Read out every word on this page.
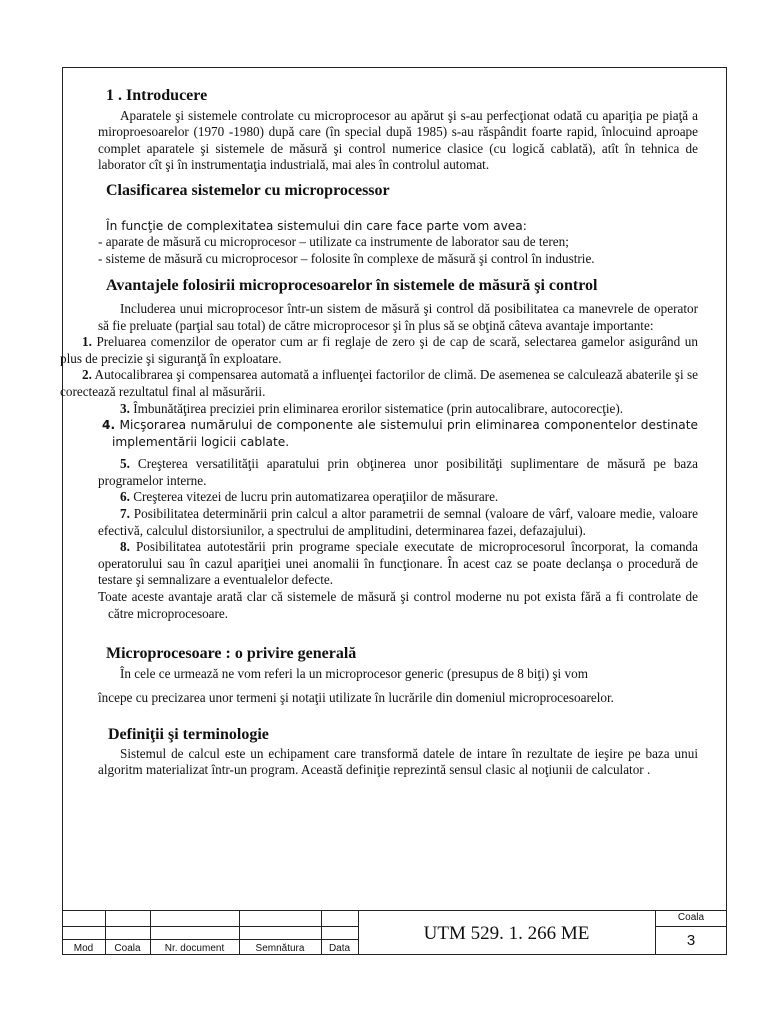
1 . Introducere

Aparatele şi sistemele controlate cu microprocesor au apărut şi s-au perfecţionat odată cu apariţia pe piaţă a miroproesoarelor (1970 -1980) după care (în special după 1985) s-au răspândit foarte rapid, înlocuind aproape complet aparatele şi sistemele de măsură şi control numerice clasice (cu logică cablată), atît în tehnica de laborator cît şi în instrumentaţia industrială, mai ales în controlul automat.

Clasificarea sistemelor cu microprocessor

În funcţie de complexitatea sistemului din care face parte vom avea:

- aparate de măsură cu microprocesor – utilizate ca instrumente de laborator sau de teren;

- sisteme de măsură cu microprocesor – folosite în complexe de măsură şi control în industrie.

Avantajele folosirii microprocesoarelor în sistemele de măsură şi control

Includerea unui microprocesor într-un sistem de măsură şi control dă posibilitatea ca manevrele de operator să fie preluate (parţial sau total) de către microprocesor şi în plus să se obţină câteva avantaje importante:

1. Preluarea comenzilor de operator cum ar fi reglaje de zero şi de cap de scară, selectarea gamelor asigurând un plus de precizie şi siguranţă în exploatare.

2. Autocalibrarea şi compensarea automată a influenţei factorilor de climă. De asemenea se calculează abaterile şi se corectează rezultatul final al măsurării.

3. Îmbunătăţirea preciziei prin eliminarea erorilor sistematice (prin autocalibrare, autocorecţie).

4. Micşorarea numărului de componente ale sistemului prin eliminarea componentelor destinate implementării logicii cablate.

5. Creşterea versatilităţii aparatului prin obţinerea unor posibilităţi suplimentare de măsură pe baza programelor interne.

6. Creşterea vitezei de lucru prin automatizarea operaţiilor de măsurare.

7. Posibilitatea determinării prin calcul a altor parametrii de semnal (valoare de vârf, valoare medie, valoare efectivă, calculul distorsiunilor, a spectrului de amplitudini, determinarea fazei, defazajului).

8. Posibilitatea autotestării prin programe speciale executate de microprocesorul încorporat, la comanda operatorului sau în cazul apariţiei unei anomalii în funcţionare. În acest caz se poate declanşa o procedură de testare şi semnalizare a eventualelor defecte.

Toate aceste avantaje arată clar că sistemele de măsură şi control moderne nu pot exista fără a fi controlate de către microprocesoare.

Microprocesoare : o privire generală

În cele ce urmează ne vom referi la un microprocesor generic (presupus de 8 biţi) şi vom

începe cu precizarea unor termeni şi notaţii utilizate în lucrările din domeniul microprocesoarelor.

Definiţii şi terminologie

Sistemul de calcul este un echipament care transformă datele de intare în rezultate de ieşire pe baza unui algoritm materializat într-un program. Această definiţie reprezintă sensul clasic al noţiunii de calculator .

Mod	Coala	Nr. document	Semnătura	Data
UTM 529. 1. 266 ME
Coala
3
